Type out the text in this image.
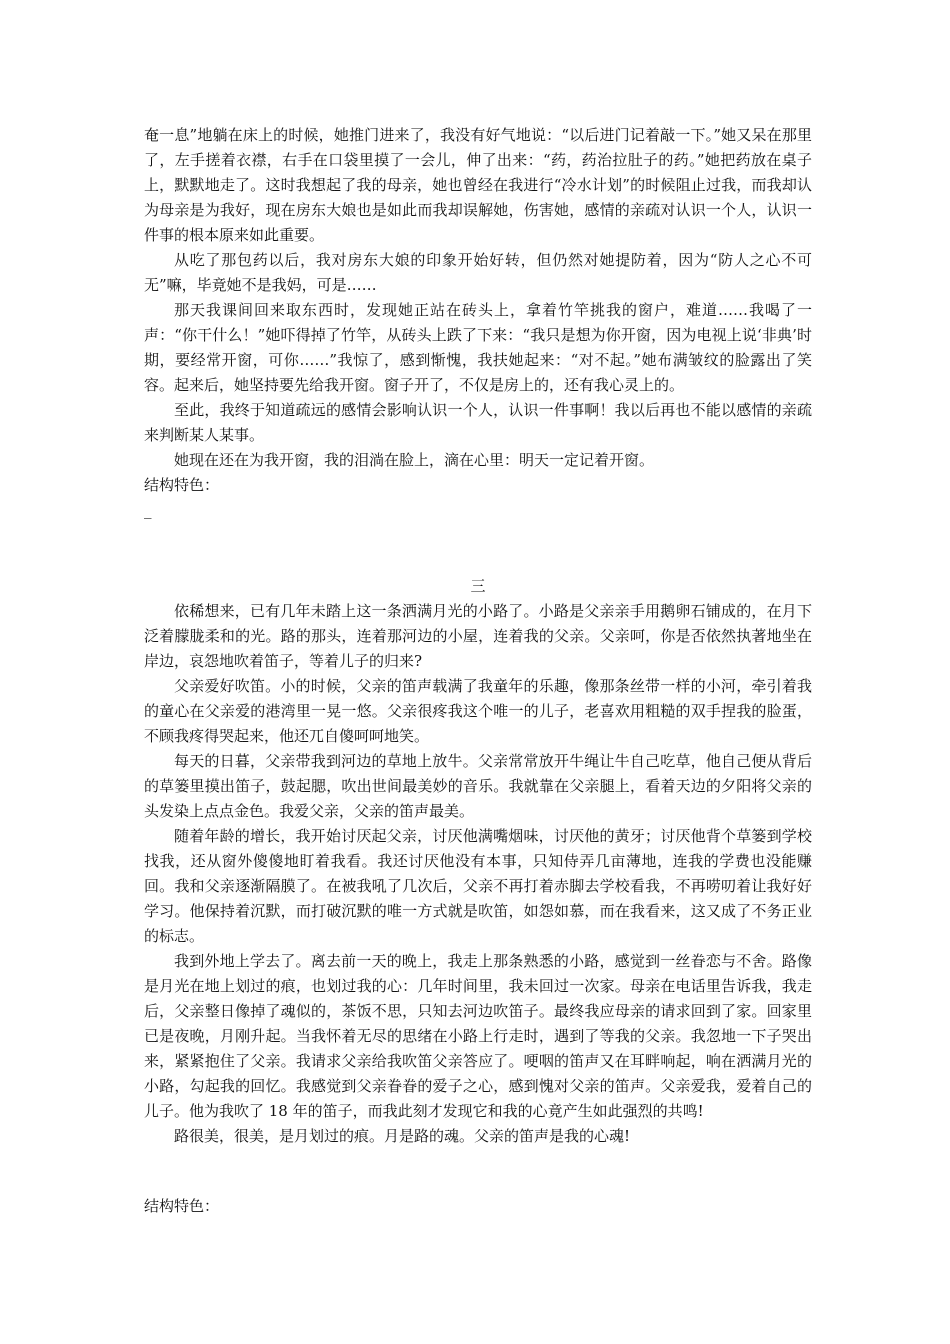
奄一息”地躺在床上的时候，她推门进来了，我没有好气地说：“以后进门记着敲一下。”她又呆在那里了，左手搓着衣襟，右手在口袋里摸了一会儿，伸了出来：“药，药治拉肚子的药。”她把药放在桌子上，默默地走了。这时我想起了我的母亲，她也曾经在我进行“冷水计划”的时候阻止过我，而我却认为母亲是为我好，现在房东大娘也是如此而我却误解她，伤害她，感情的亲疏对认识一个人，认识一件事的根本原来如此重要。

从吃了那包药以后，我对房东大娘的印象开始好转，但仍然对她提防着，因为“防人之心不可无”嘛，毕竟她不是我妈，可是……

那天我课间回来取东西时，发现她正站在砖头上，拿着竹竿挑我的窗户，难道……我喝了一声：“你干什么！”她吓得掉了竹竿，从砖头上跌了下来：“我只是想为你开窗，因为电视上说‘非典’时期，要经常开窗，可你……”我惊了，感到惭愧，我扶她起来：“对不起。”她布满皱纹的脸露出了笑容。起来后，她坚持要先给我开窗。窗子开了，不仅是房上的，还有我心灵上的。

至此，我终于知道疏远的感情会影响认识一个人，认识一件事啊！我以后再也不能以感情的亲疏来判断某人某事。

她现在还在为我开窗，我的泪淌在脸上，滴在心里：明天一定记着开窗。

结构特色：

_

三

依稀想来，已有几年未踏上这一条洒满月光的小路了。小路是父亲亲手用鹅卵石铺成的，在月下泛着朦胧柔和的光。路的那头，连着那河边的小屋，连着我的父亲。父亲呵，你是否依然执著地坐在岸边，哀怨地吹着笛子，等着儿子的归来?

父亲爱好吹笛。小的时候，父亲的笛声载满了我童年的乐趣，像那条丝带一样的小河，牵引着我的童心在父亲爱的港湾里一晃一悠。父亲很疼我这个唯一的儿子，老喜欢用粗糙的双手捏我的脸蛋，不顾我疼得哭起来，他还兀自傻呵呵地笑。

每天的日暮，父亲带我到河边的草地上放牛。父亲常常放开牛绳让牛自己吃草，他自己便从背后的草篓里摸出笛子，鼓起腮，吹出世间最美妙的音乐。我就靠在父亲腿上，看着天边的夕阳将父亲的头发染上点点金色。我爱父亲，父亲的笛声最美。

随着年龄的增长，我开始讨厌起父亲，讨厌他满嘴烟味，讨厌他的黄牙；讨厌他背个草篓到学校找我，还从窗外傻傻地盯着我看。我还讨厌他没有本事，只知侍弄几亩薄地，连我的学费也没能赚回。我和父亲逐渐隔膜了。在被我吼了几次后，父亲不再打着赤脚去学校看我，不再唠叨着让我好好学习。他保持着沉默，而打破沉默的唯一方式就是吹笛，如怨如慕，而在我看来，这又成了不务正业的标志。

我到外地上学去了。离去前一天的晚上，我走上那条熟悉的小路，感觉到一丝眷恋与不舍。路像是月光在地上划过的痕，也划过我的心：几年时间里，我未回过一次家。母亲在电话里告诉我，我走后，父亲整日像掉了魂似的，茶饭不思，只知去河边吹笛子。最终我应母亲的请求回到了家。回家里已是夜晚，月刚升起。当我怀着无尽的思绪在小路上行走时，遇到了等我的父亲。我忽地一下子哭出来，紧紧抱住了父亲。我请求父亲给我吹笛父亲答应了。哽咽的笛声又在耳畔响起，响在洒满月光的小路，勾起我的回忆。我感觉到父亲眷眷的爱子之心，感到愧对父亲的笛声。父亲爱我，爱着自己的儿子。他为我吹了 18 年的笛子，而我此刻才发现它和我的心竟产生如此强烈的共鸣!

路很美，很美，是月划过的痕。月是路的魂。父亲的笛声是我的心魂!

结构特色：
